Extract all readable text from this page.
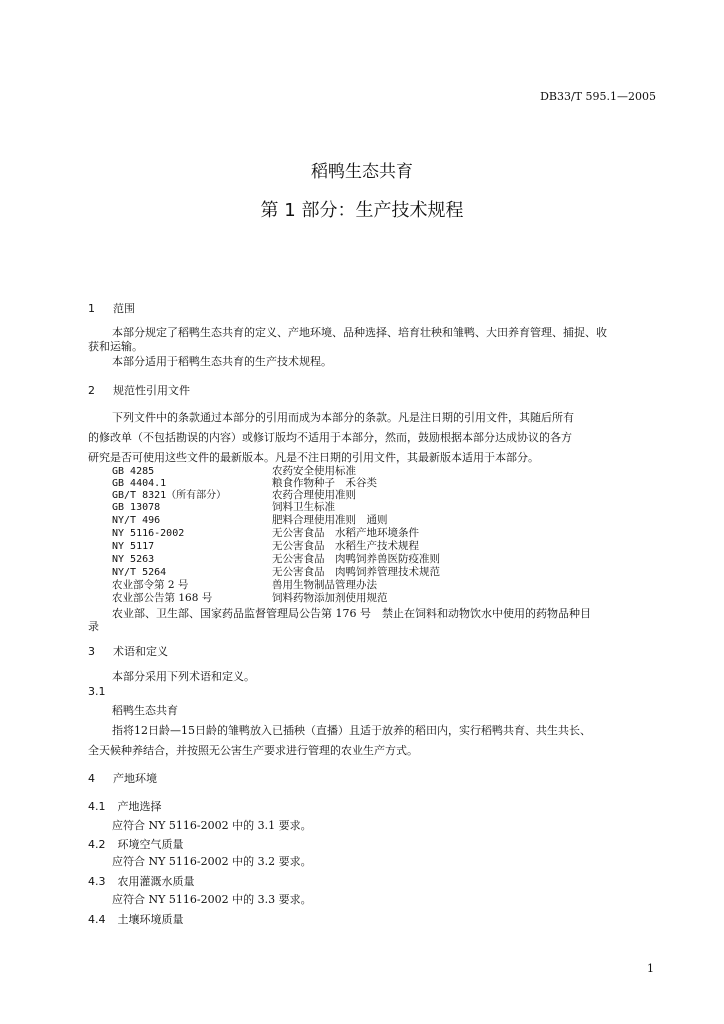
DB33/T 595.1—2005
稻鸭生态共育
第 1 部分：生产技术规程
1 范围
本部分规定了稻鸭生态共育的定义、产地环境、品种选择、培育壮秧和雏鸭、大田养育管理、捕捉、收
获和运输。
本部分适用于稻鸭生态共育的生产技术规程。
2 规范性引用文件
下列文件中的条款通过本部分的引用而成为本部分的条款。凡是注日期的引用文件，其随后所有
的修改单（不包括勘误的内容）或修订版均不适用于本部分，然而，鼓励根据本部分达成协议的各方
研究是否可使用这些文件的最新版本。凡是不注日期的引用文件，其最新版本适用于本部分。
GB 4285	农药安全使用标准
GB 4404.1	粮食作物种子　禾谷类
GB/T 8321（所有部分）	农药合理使用准则
GB 13078	饲料卫生标准
NY/T 496	肥料合理使用准则　通则
NY 5116-2002	无公害食品　水稻产地环境条件
NY 5117	无公害食品　水稻生产技术规程
NY 5263	无公害食品　肉鸭饲养兽医防疫准则
NY/T 5264	无公害食品　肉鸭饲养管理技术规范
农业部令第 2 号	兽用生物制品管理办法
农业部公告第 168 号	饲料药物添加剂使用规范
农业部、卫生部、国家药品监督管理局公告第 176 号　禁止在饲料和动物饮水中使用的药物品种目
录
3 术语和定义
本部分采用下列术语和定义。
3.1
稻鸭生态共育
指将12日龄—15日龄的雏鸭放入已插秧（直播）且适于放养的稻田内，实行稻鸭共育、共生共长、
全天候种养结合，并按照无公害生产要求进行管理的农业生产方式。
4 产地环境
4.1 产地选择
应符合 NY 5116-2002 中的 3.1 要求。
4.2 环境空气质量
应符合 NY 5116-2002 中的 3.2 要求。
4.3 农用灌溉水质量
应符合 NY 5116-2002 中的 3.3 要求。
4.4 土壤环境质量
1
